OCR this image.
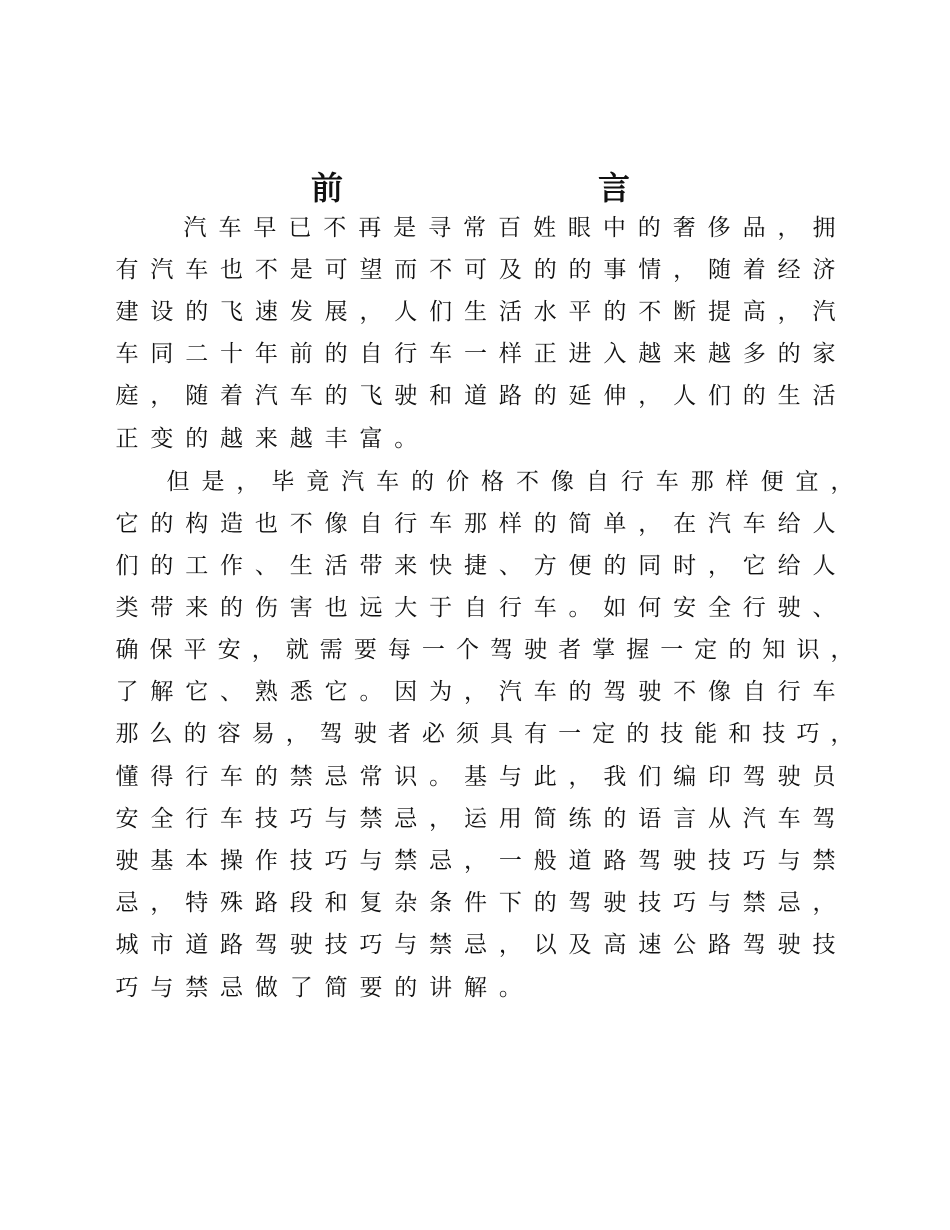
前	言
汽 车 早 已 不 再 是 寻 常 百 姓 眼 中 的 奢 侈 品 ， 拥
有 汽 车 也 不 是 可 望 而 不 可 及 的 的 事 情 ， 随 着 经 济
建 设 的 飞 速 发 展 ， 人 们 生 活 水 平 的 不 断 提 高 ， 汽
车 同 二 十 年 前 的 自 行 车 一 样 正 进 入 越 来 越 多 的 家
庭 ， 随 着 汽 车 的 飞 驶 和 道 路 的 延 伸 ， 人 们 的 生 活
正 变 的 越 来 越 丰 富 。
但 是 ， 毕 竟 汽 车 的 价 格 不 像 自 行 车 那 样 便 宜 ，
它 的 构 造 也 不 像 自 行 车 那 样 的 简 单 ， 在 汽 车 给 人
们 的 工 作 、 生 活 带 来 快 捷 、 方 便 的 同 时 ， 它 给 人
类 带 来 的 伤 害 也 远 大 于 自 行 车 。 如 何 安 全 行 驶 、
确 保 平 安 ， 就 需 要 每 一 个 驾 驶 者 掌 握 一 定 的 知 识 ，
了 解 它 、 熟 悉 它 。 因 为 ， 汽 车 的 驾 驶 不 像 自 行 车
那 么 的 容 易 ， 驾 驶 者 必 须 具 有 一 定 的 技 能 和 技 巧 ，
懂 得 行 车 的 禁 忌 常 识 。 基 与 此 ， 我 们 编 印 驾 驶 员
安 全 行 车 技 巧 与 禁 忌 ， 运 用 简 练 的 语 言 从 汽 车 驾
驶 基 本 操 作 技 巧 与 禁 忌 ， 一 般 道 路 驾 驶 技 巧 与 禁
忌 ， 特 殊 路 段 和 复 杂 条 件 下 的 驾 驶 技 巧 与 禁 忌 ，
城 市 道 路 驾 驶 技 巧 与 禁 忌 ， 以 及 高 速 公 路 驾 驶 技
巧 与 禁 忌 做 了 简 要 的 讲 解 。
